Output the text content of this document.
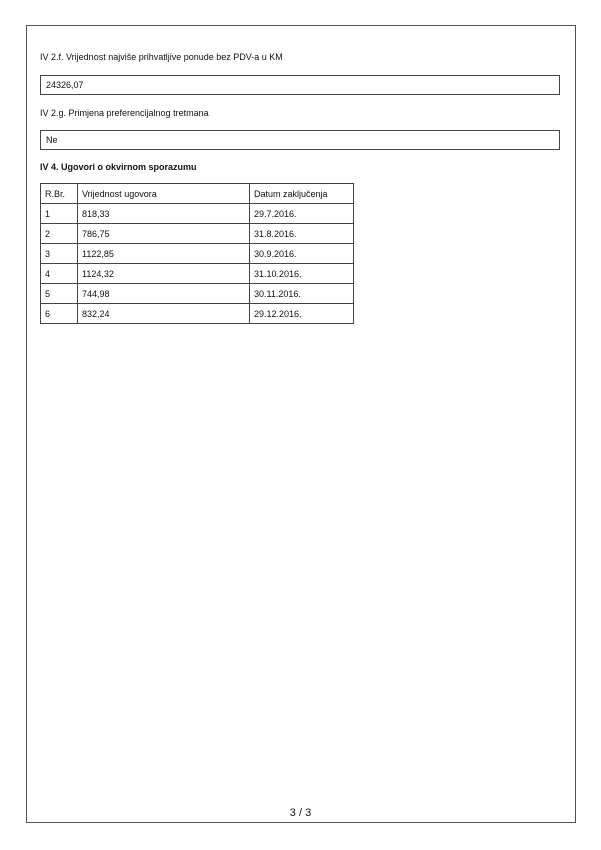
IV 2.f. Vrijednost najviše prihvatljive ponude bez PDV-a u KM
24326,07
IV 2.g. Primjena preferencijalnog tretmana
Ne
IV 4. Ugovori o okvirnom sporazumu
R.Br.	Vrijednost ugovora	Datum zaključenja
1	818,33	29.7.2016.
2	786,75	31.8.2016.
3	1122,85	30.9.2016.
4	1124,32	31.10.2016.
5	744,98	30.11.2016.
6	832,24	29.12.2016.
3 / 3
